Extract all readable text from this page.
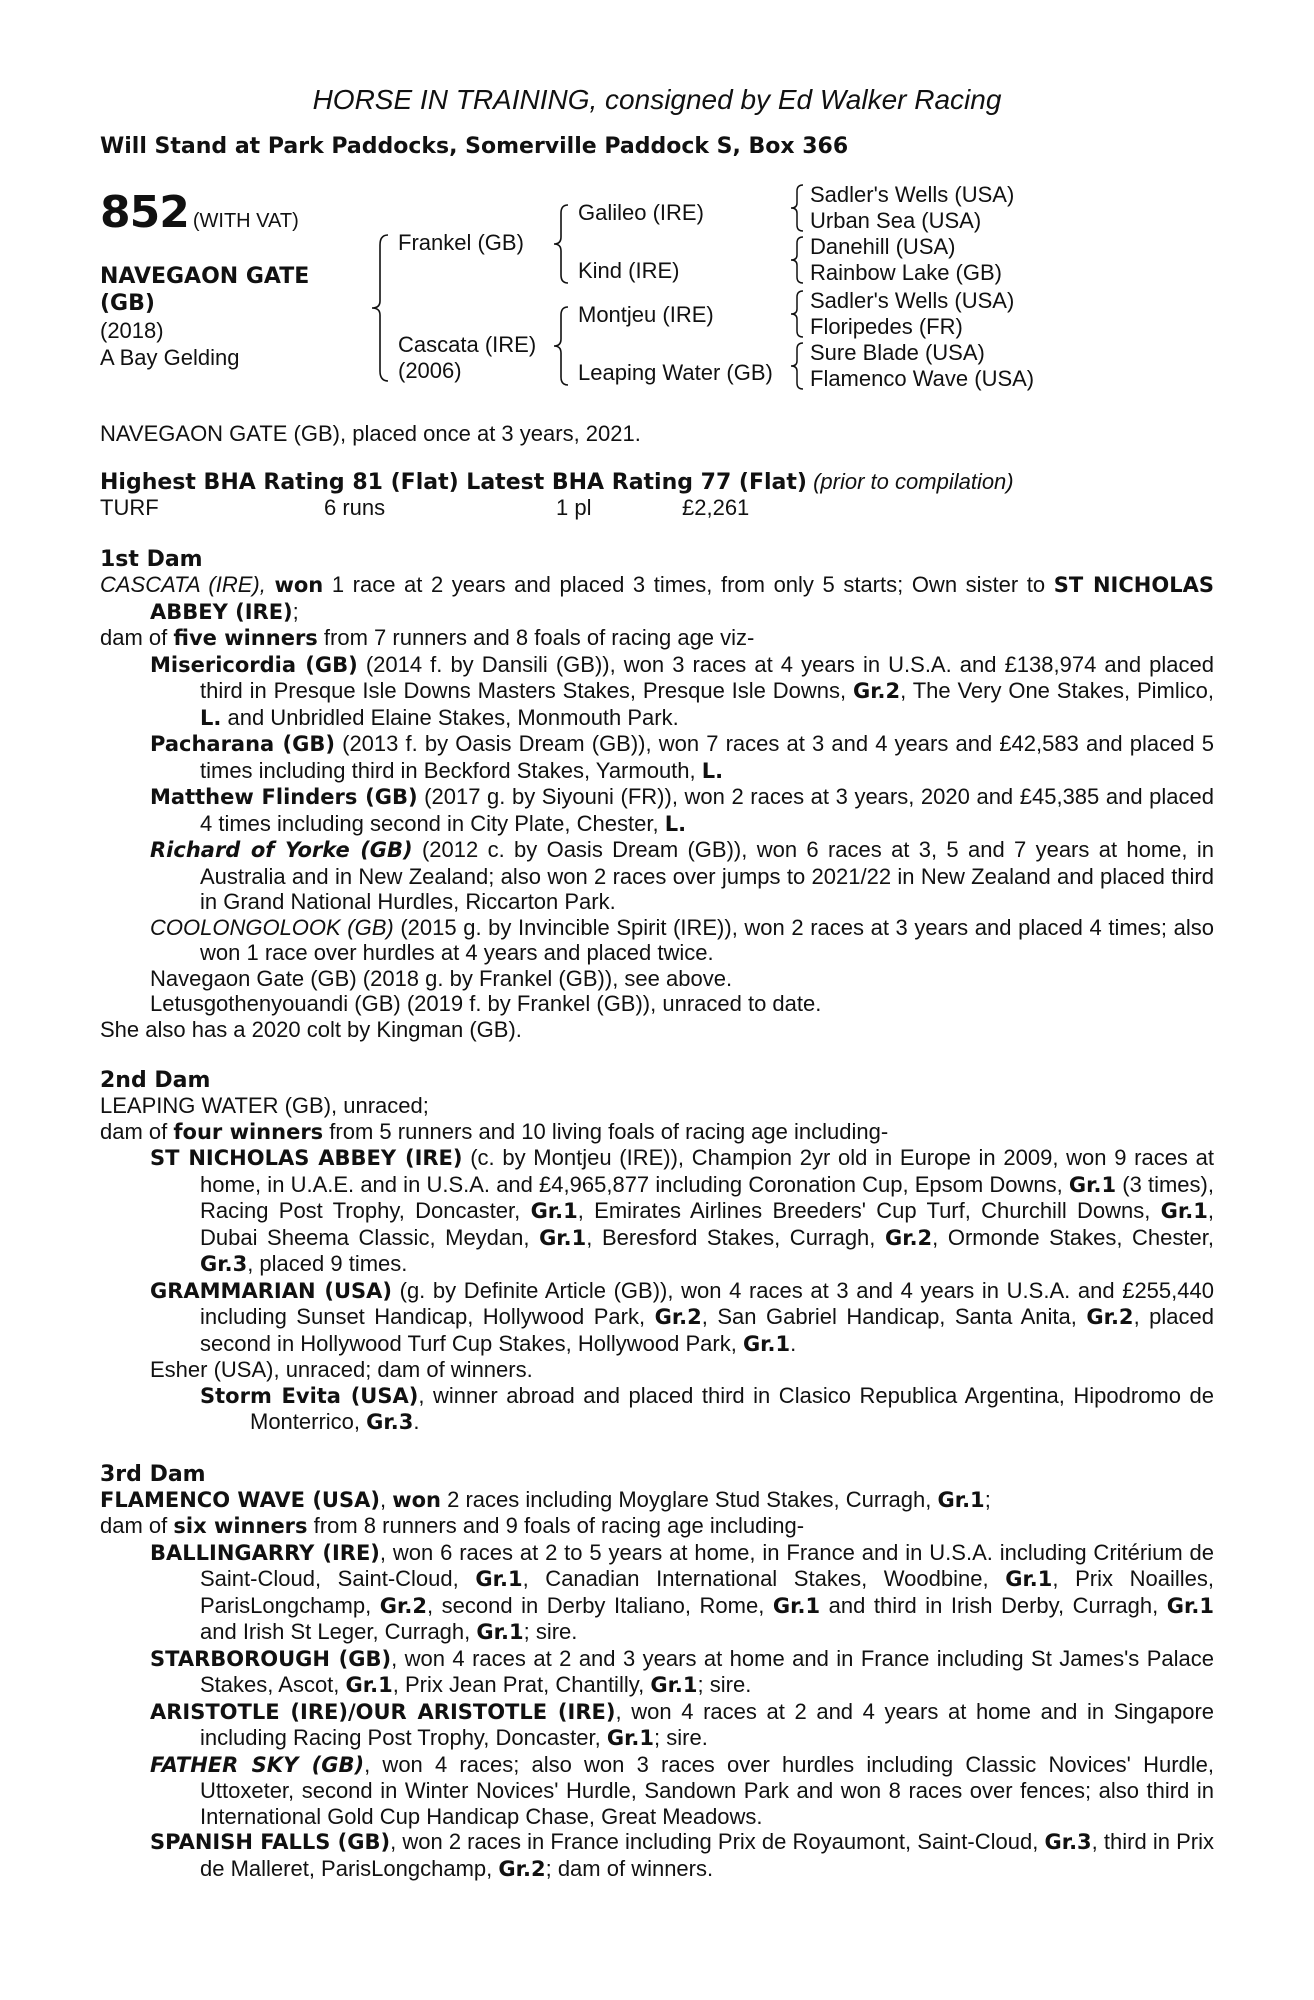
HORSE IN TRAINING, consigned by Ed Walker Racing
Will Stand at Park Paddocks, Somerville Paddock S, Box 366
852 (WITH VAT)
NAVEGAON GATE (GB)
(2018)
A Bay Gelding
Frankel (GB)
Cascata (IRE)
(2006)
Galileo (IRE)
Kind (IRE)
Montjeu (IRE)
Leaping Water (GB)
Sadler's Wells (USA)
Urban Sea (USA)
Danehill (USA)
Rainbow Lake (GB)
Sadler's Wells (USA)
Floripedes (FR)
Sure Blade (USA)
Flamenco Wave (USA)
NAVEGAON GATE (GB), placed once at 3 years, 2021.
Highest BHA Rating 81 (Flat) Latest BHA Rating 77 (Flat) (prior to compilation)
TURF	6 runs	1 pl	£2,261
1st Dam

CASCATA (IRE), won 1 race at 2 years and placed 3 times, from only 5 starts; Own sister to ST NICHOLAS ABBEY (IRE);

dam of five winners from 7 runners and 8 foals of racing age viz-

Misericordia (GB) (2014 f. by Dansili (GB)), won 3 races at 4 years in U.S.A. and £138,974 and placed third in Presque Isle Downs Masters Stakes, Presque Isle Downs, Gr.2, The Very One Stakes, Pimlico, L. and Unbridled Elaine Stakes, Monmouth Park.

Pacharana (GB) (2013 f. by Oasis Dream (GB)), won 7 races at 3 and 4 years and £42,583 and placed 5 times including third in Beckford Stakes, Yarmouth, L.

Matthew Flinders (GB) (2017 g. by Siyouni (FR)), won 2 races at 3 years, 2020 and £45,385 and placed 4 times including second in City Plate, Chester, L.

Richard of Yorke (GB) (2012 c. by Oasis Dream (GB)), won 6 races at 3, 5 and 7 years at home, in Australia and in New Zealand; also won 2 races over jumps to 2021/22 in New Zealand and placed third in Grand National Hurdles, Riccarton Park.

COOLONGOLOOK (GB) (2015 g. by Invincible Spirit (IRE)), won 2 races at 3 years and placed 4 times; also won 1 race over hurdles at 4 years and placed twice.

Navegaon Gate (GB) (2018 g. by Frankel (GB)), see above.

Letusgothenyouandi (GB) (2019 f. by Frankel (GB)), unraced to date.

She also has a 2020 colt by Kingman (GB).

2nd Dam

LEAPING WATER (GB), unraced;

dam of four winners from 5 runners and 10 living foals of racing age including-

ST NICHOLAS ABBEY (IRE) (c. by Montjeu (IRE)), Champion 2yr old in Europe in 2009, won 9 races at home, in U.A.E. and in U.S.A. and £4,965,877 including Coronation Cup, Epsom Downs, Gr.1 (3 times), Racing Post Trophy, Doncaster, Gr.1, Emirates Airlines Breeders' Cup Turf, Churchill Downs, Gr.1, Dubai Sheema Classic, Meydan, Gr.1, Beresford Stakes, Curragh, Gr.2, Ormonde Stakes, Chester, Gr.3, placed 9 times.

GRAMMARIAN (USA) (g. by Definite Article (GB)), won 4 races at 3 and 4 years in U.S.A. and £255,440 including Sunset Handicap, Hollywood Park, Gr.2, San Gabriel Handicap, Santa Anita, Gr.2, placed second in Hollywood Turf Cup Stakes, Hollywood Park, Gr.1.

Esher (USA), unraced; dam of winners.

Storm Evita (USA), winner abroad and placed third in Clasico Republica Argentina, Hipodromo de Monterrico, Gr.3.

3rd Dam

FLAMENCO WAVE (USA), won 2 races including Moyglare Stud Stakes, Curragh, Gr.1;

dam of six winners from 8 runners and 9 foals of racing age including-

BALLINGARRY (IRE), won 6 races at 2 to 5 years at home, in France and in U.S.A. including Critérium de Saint-Cloud, Saint-Cloud, Gr.1, Canadian International Stakes, Woodbine, Gr.1, Prix Noailles, ParisLongchamp, Gr.2, second in Derby Italiano, Rome, Gr.1 and third in Irish Derby, Curragh, Gr.1 and Irish St Leger, Curragh, Gr.1; sire.

STARBOROUGH (GB), won 4 races at 2 and 3 years at home and in France including St James's Palace Stakes, Ascot, Gr.1, Prix Jean Prat, Chantilly, Gr.1; sire.

ARISTOTLE (IRE)/OUR ARISTOTLE (IRE), won 4 races at 2 and 4 years at home and in Singapore including Racing Post Trophy, Doncaster, Gr.1; sire.

FATHER SKY (GB), won 4 races; also won 3 races over hurdles including Classic Novices' Hurdle, Uttoxeter, second in Winter Novices' Hurdle, Sandown Park and won 8 races over fences; also third in International Gold Cup Handicap Chase, Great Meadows.

SPANISH FALLS (GB), won 2 races in France including Prix de Royaumont, Saint-Cloud, Gr.3, third in Prix de Malleret, ParisLongchamp, Gr.2; dam of winners.
